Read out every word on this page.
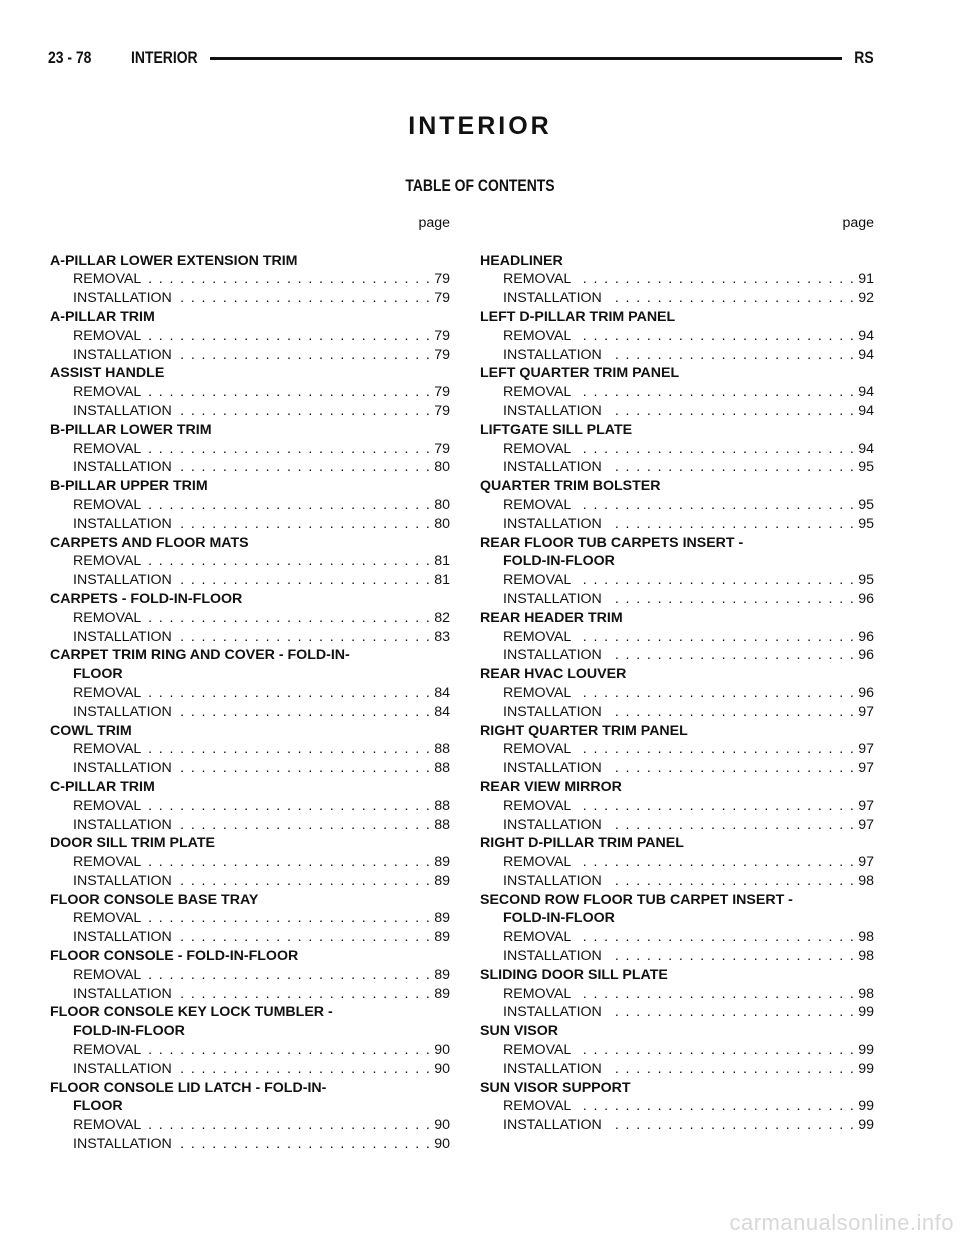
23 - 78 INTERIOR	RS
INTERIOR
TABLE OF CONTENTS
page
A-PILLAR LOWER EXTENSION TRIM
REMOVAL . . .	79
INSTALLATION . . .	79
A-PILLAR TRIM
REMOVAL . . .	79
INSTALLATION . . .	79
ASSIST HANDLE
REMOVAL . . .	79
INSTALLATION . . .	79
B-PILLAR LOWER TRIM
REMOVAL . . .	79
INSTALLATION . . .	80
B-PILLAR UPPER TRIM
REMOVAL . . .	80
INSTALLATION . . .	80
CARPETS AND FLOOR MATS
REMOVAL . . .	81
INSTALLATION . . .	81
CARPETS - FOLD-IN-FLOOR
REMOVAL . . .	82
INSTALLATION . . .	83
CARPET TRIM RING AND COVER - FOLD-IN-
FLOOR
REMOVAL . . .	84
INSTALLATION . . .	84
COWL TRIM
REMOVAL . . .	88
INSTALLATION . . .	88
C-PILLAR TRIM
REMOVAL . . .	88
INSTALLATION . . .	88
DOOR SILL TRIM PLATE
REMOVAL . . .	89
INSTALLATION . . .	89
FLOOR CONSOLE BASE TRAY
REMOVAL . . .	89
INSTALLATION . . .	89
FLOOR CONSOLE - FOLD-IN-FLOOR
REMOVAL . . .	89
INSTALLATION . . .	89
FLOOR CONSOLE KEY LOCK TUMBLER -
FOLD-IN-FLOOR
REMOVAL . . .	90
INSTALLATION . . .	90
FLOOR CONSOLE LID LATCH - FOLD-IN-
FLOOR
REMOVAL . . .	90
INSTALLATION . . .	90
page
HEADLINER
REMOVAL . . .	91
INSTALLATION . . .	92
LEFT D-PILLAR TRIM PANEL
REMOVAL . . .	94
INSTALLATION . . .	94
LEFT QUARTER TRIM PANEL
REMOVAL . . .	94
INSTALLATION . . .	94
LIFTGATE SILL PLATE
REMOVAL . . .	94
INSTALLATION . . .	95
QUARTER TRIM BOLSTER
REMOVAL . . .	95
INSTALLATION . . .	95
REAR FLOOR TUB CARPETS INSERT -
FOLD-IN-FLOOR
REMOVAL . . .	95
INSTALLATION . . .	96
REAR HEADER TRIM
REMOVAL . . .	96
INSTALLATION . . .	96
REAR HVAC LOUVER
REMOVAL . . .	96
INSTALLATION . . .	97
RIGHT QUARTER TRIM PANEL
REMOVAL . . .	97
INSTALLATION . . .	97
REAR VIEW MIRROR
REMOVAL . . .	97
INSTALLATION . . .	97
RIGHT D-PILLAR TRIM PANEL
REMOVAL . . .	97
INSTALLATION . . .	98
SECOND ROW FLOOR TUB CARPET INSERT -
FOLD-IN-FLOOR
REMOVAL . . .	98
INSTALLATION . . .	98
SLIDING DOOR SILL PLATE
REMOVAL . . .	98
INSTALLATION . . .	99
SUN VISOR
REMOVAL . . .	99
INSTALLATION . . .	99
SUN VISOR SUPPORT
REMOVAL . . .	99
INSTALLATION . . .	99
carmanualsonline.info
